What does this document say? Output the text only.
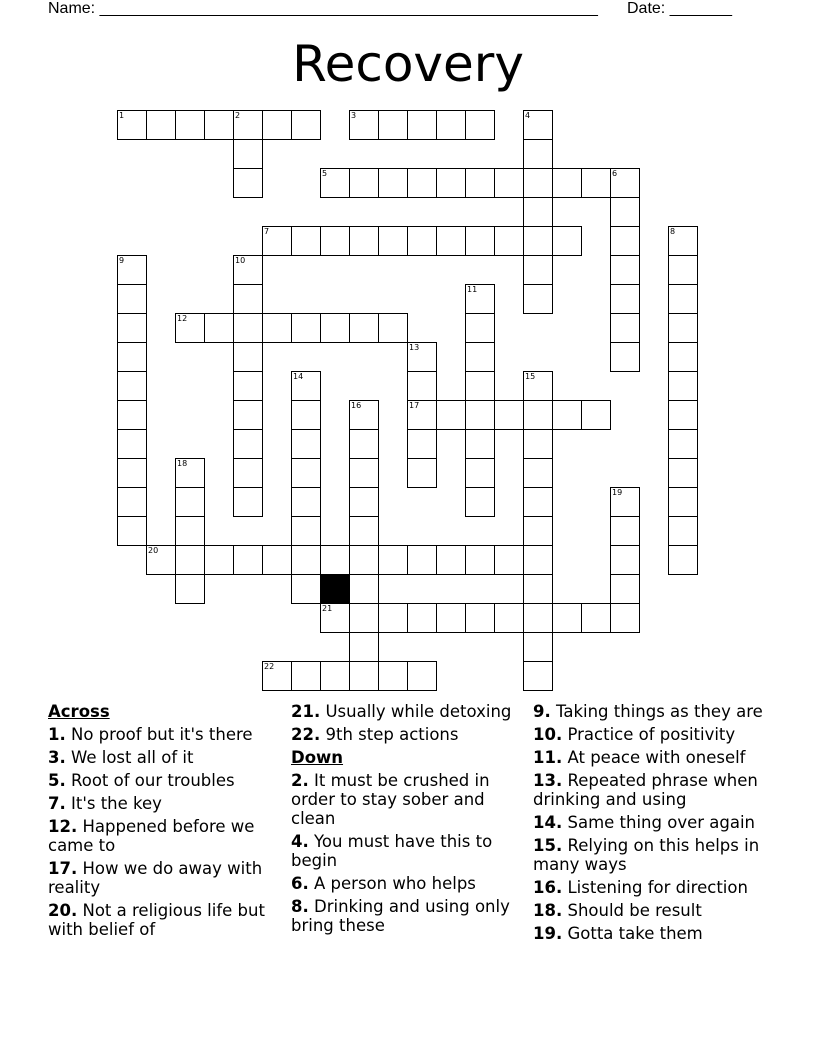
Name: ________________________________________________________ Date: _______
Recovery
1	2	3
5	6
7
12
17
20
21
22
4
8
9	10
11
13
14	15
16
18
19
Across
1. No proof but it's there
3. We lost all of it
5. Root of our troubles
7. It's the key
12. Happened before we came to
17. How we do away with reality
20. Not a religious life but with belief of
21. Usually while detoxing
22. 9th step actions
Down
2. It must be crushed in order to stay sober and clean
4. You must have this to begin
6. A person who helps
8. Drinking and using only bring these
9. Taking things as they are
10. Practice of positivity
11. At peace with oneself
13. Repeated phrase when drinking and using
14. Same thing over again
15. Relying on this helps in many ways
16. Listening for direction
18. Should be result
19. Gotta take them
